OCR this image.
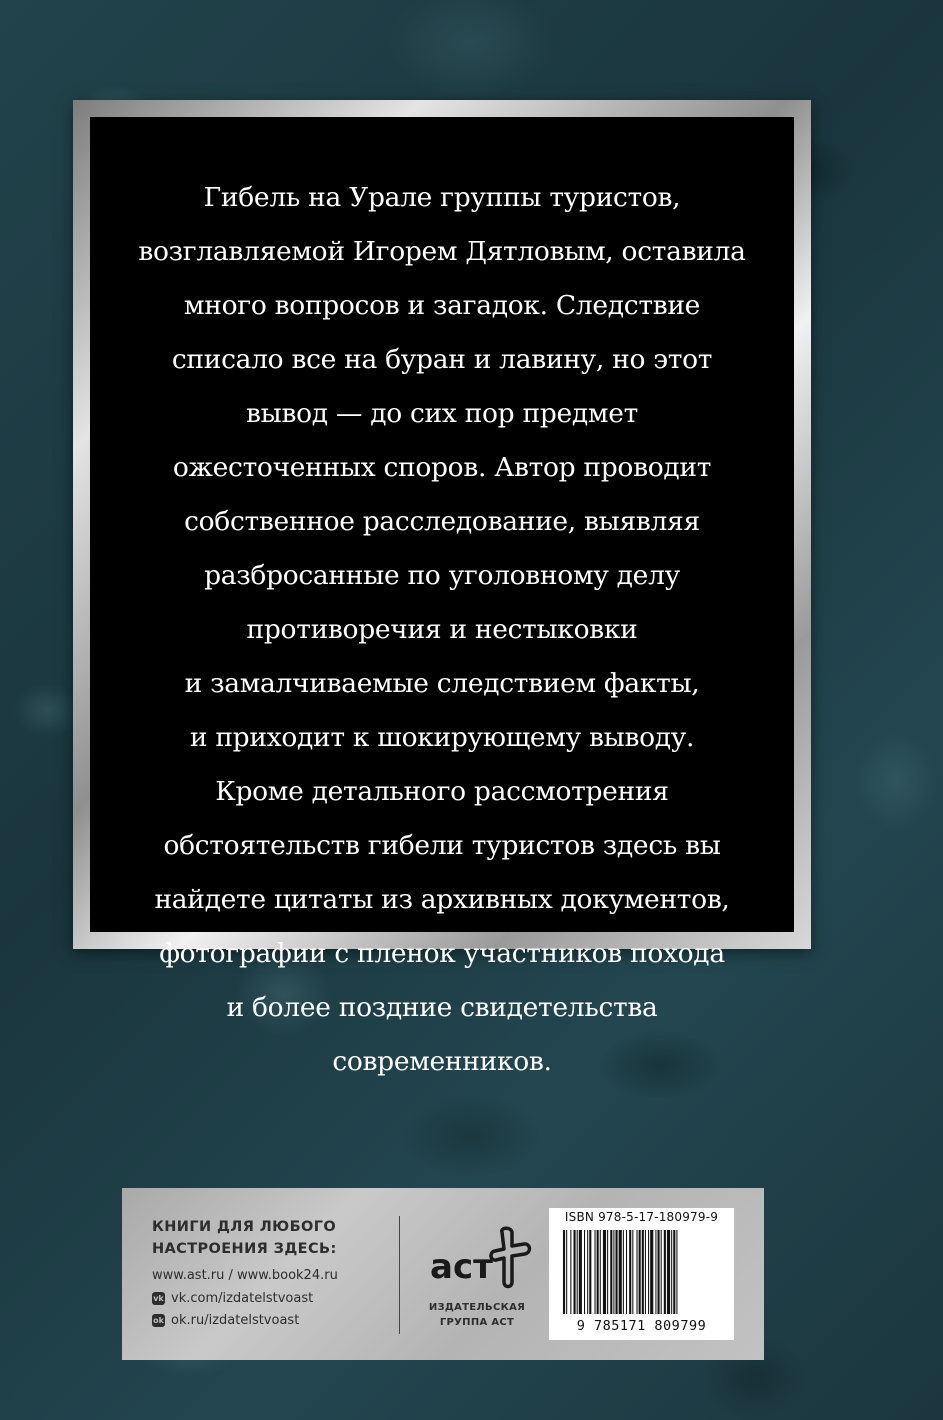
Гибель на Урале группы туристов,
возглавляемой Игорем Дятловым, оставила
много вопросов и загадок. Следствие
списало все на буран и лавину, но этот
вывод — до сих пор предмет
ожесточенных споров. Автор проводит
собственное расследование, выявляя
разбросанные по уголовному делу
противоречия и нестыковки
и замалчиваемые следствием факты,
и приходит к шокирующему выводу.
Кроме детального рассмотрения
обстоятельств гибели туристов здесь вы
найдете цитаты из архивных документов,
фотографии с пленок участников похода
и более поздние свидетельства
современников.
КНИГИ ДЛЯ ЛЮБОГО
НАСТРОЕНИЯ ЗДЕСЬ:
www.ast.ru / www.book24.ru
vk vk.com/izdatelstvoast
ok ok.ru/izdatelstvoast
аст
ИЗДАТЕЛЬСКАЯ
ГРУППА АСТ
ISBN 978-5-17-180979-9
9 785171 809799
